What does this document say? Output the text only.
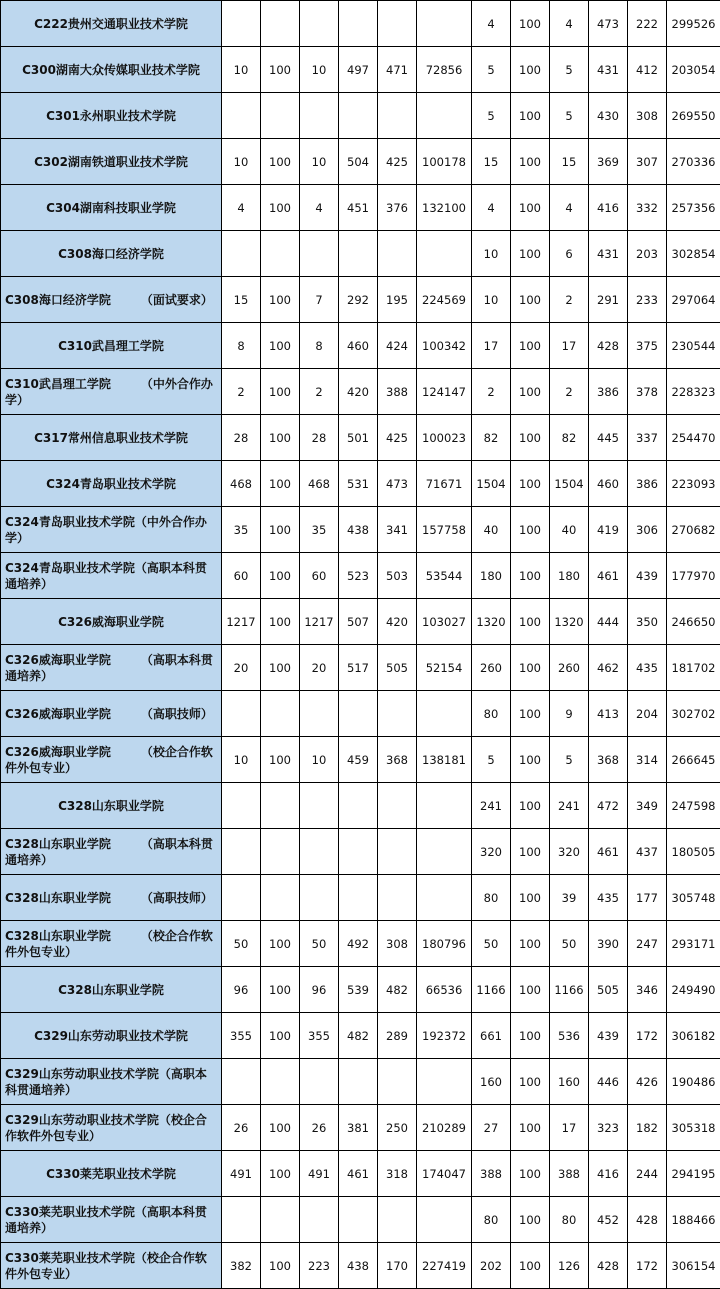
C222贵州交通职业技术学院							4	100	4	473	222	299526
C300湖南大众传媒职业技术学院	10	100	10	497	471	72856	5	100	5	431	412	203054
C301永州职业技术学院							5	100	5	430	308	269550
C302湖南铁道职业技术学院	10	100	10	504	425	100178	15	100	15	369	307	270336
C304湖南科技职业学院	4	100	4	451	376	132100	4	100	4	416	332	257356
C308海口经济学院							10	100	6	431	203	302854
C308海口经济学院　　　（面试要求）	15	100	7	292	195	224569	10	100	2	291	233	297064
C310武昌理工学院	8	100	8	460	424	100342	17	100	17	428	375	230544
C310武昌理工学院　　　（中外合作办学）	2	100	2	420	388	124147	2	100	2	386	378	228323
C317常州信息职业技术学院	28	100	28	501	425	100023	82	100	82	445	337	254470
C324青岛职业技术学院	468	100	468	531	473	71671	1504	100	1504	460	386	223093
C324青岛职业技术学院（中外合作办学）	35	100	35	438	341	157758	40	100	40	419	306	270682
C324青岛职业技术学院（高职本科贯通培养）	60	100	60	523	503	53544	180	100	180	461	439	177970
C326威海职业学院	1217	100	1217	507	420	103027	1320	100	1320	444	350	246650
C326威海职业学院　　　（高职本科贯通培养）	20	100	20	517	505	52154	260	100	260	462	435	181702
C326威海职业学院　　　（高职技师）							80	100	9	413	204	302702
C326威海职业学院　　　（校企合作软件外包专业）	10	100	10	459	368	138181	5	100	5	368	314	266645
C328山东职业学院							241	100	241	472	349	247598
C328山东职业学院　　　（高职本科贯通培养）							320	100	320	461	437	180505
C328山东职业学院　　　（高职技师）							80	100	39	435	177	305748
C328山东职业学院　　　（校企合作软件外包专业）	50	100	50	492	308	180796	50	100	50	390	247	293171
C328山东职业学院	96	100	96	539	482	66536	1166	100	1166	505	346	249490
C329山东劳动职业技术学院	355	100	355	482	289	192372	661	100	536	439	172	306182
C329山东劳动职业技术学院（高职本科贯通培养）							160	100	160	446	426	190486
C329山东劳动职业技术学院（校企合作软件外包专业）	26	100	26	381	250	210289	27	100	17	323	182	305318
C330莱芜职业技术学院	491	100	491	461	318	174047	388	100	388	416	244	294195
C330莱芜职业技术学院（高职本科贯通培养）							80	100	80	452	428	188466
C330莱芜职业技术学院（校企合作软件外包专业）	382	100	223	438	170	227419	202	100	126	428	172	306154
